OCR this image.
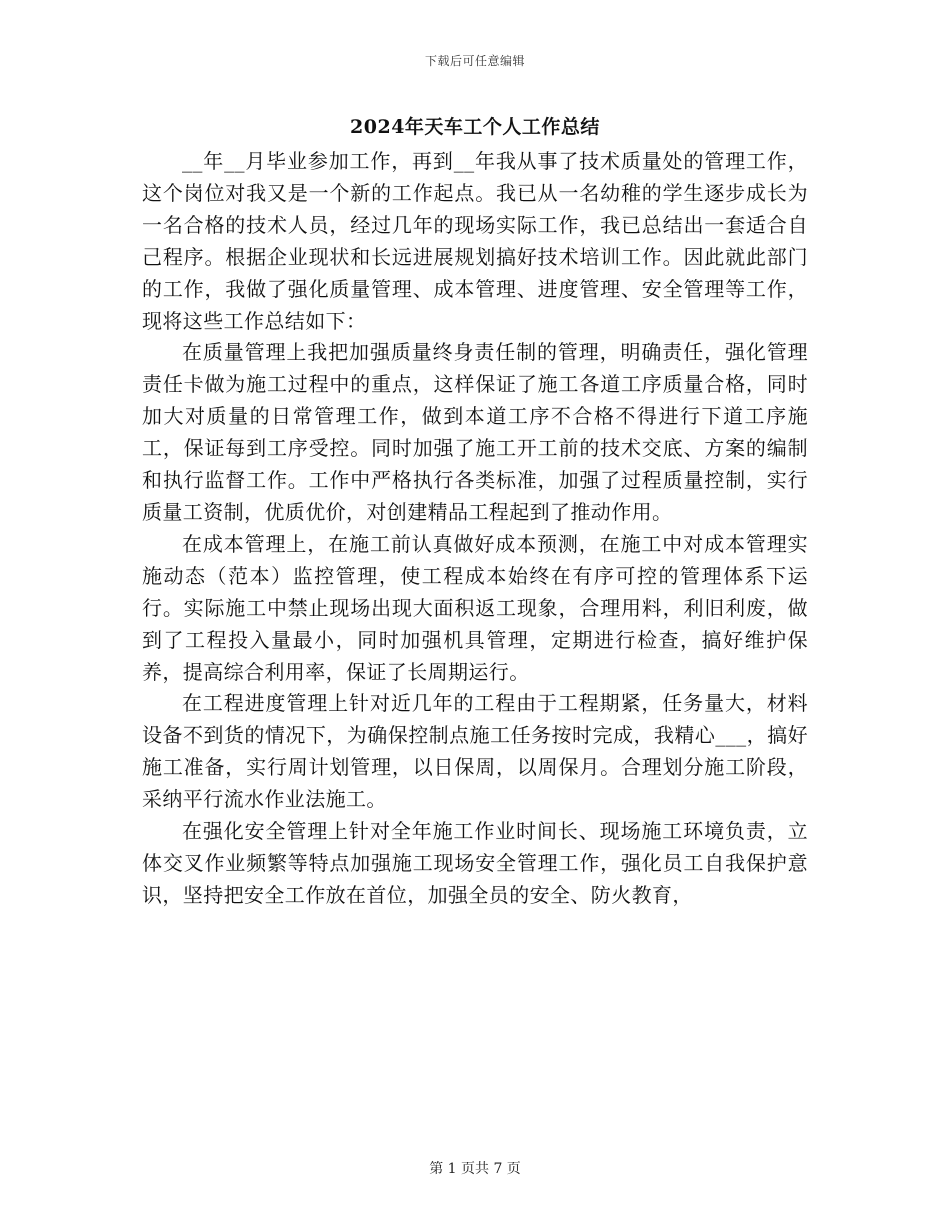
下载后可任意编辑
2024年天车工个人工作总结

__年__月毕业参加工作，再到__年我从事了技术质量处的管理工作，这个岗位对我又是一个新的工作起点。我已从一名幼稚的学生逐步成长为一名合格的技术人员，经过几年的现场实际工作，我已总结出一套适合自己程序。根据企业现状和长远进展规划搞好技术培训工作。因此就此部门的工作，我做了强化质量管理、成本管理、进度管理、安全管理等工作，现将这些工作总结如下：

在质量管理上我把加强质量终身责任制的管理，明确责任，强化管理责任卡做为施工过程中的重点，这样保证了施工各道工序质量合格，同时加大对质量的日常管理工作，做到本道工序不合格不得进行下道工序施工，保证每到工序受控。同时加强了施工开工前的技术交底、方案的编制和执行监督工作。工作中严格执行各类标准，加强了过程质量控制，实行质量工资制，优质优价，对创建精品工程起到了推动作用。

在成本管理上，在施工前认真做好成本预测，在施工中对成本管理实施动态（范本）监控管理，使工程成本始终在有序可控的管理体系下运行。实际施工中禁止现场出现大面积返工现象，合理用料，利旧利废，做到了工程投入量最小，同时加强机具管理，定期进行检查，搞好维护保养，提高综合利用率，保证了长周期运行。

在工程进度管理上针对近几年的工程由于工程期紧，任务量大，材料设备不到货的情况下，为确保控制点施工任务按时完成，我精心___，搞好施工准备，实行周计划管理，以日保周，以周保月。合理划分施工阶段，采纳平行流水作业法施工。

在强化安全管理上针对全年施工作业时间长、现场施工环境负责，立体交叉作业频繁等特点加强施工现场安全管理工作，强化员工自我保护意识，坚持把安全工作放在首位，加强全员的安全、防火教育，

第 1 页共 7 页
